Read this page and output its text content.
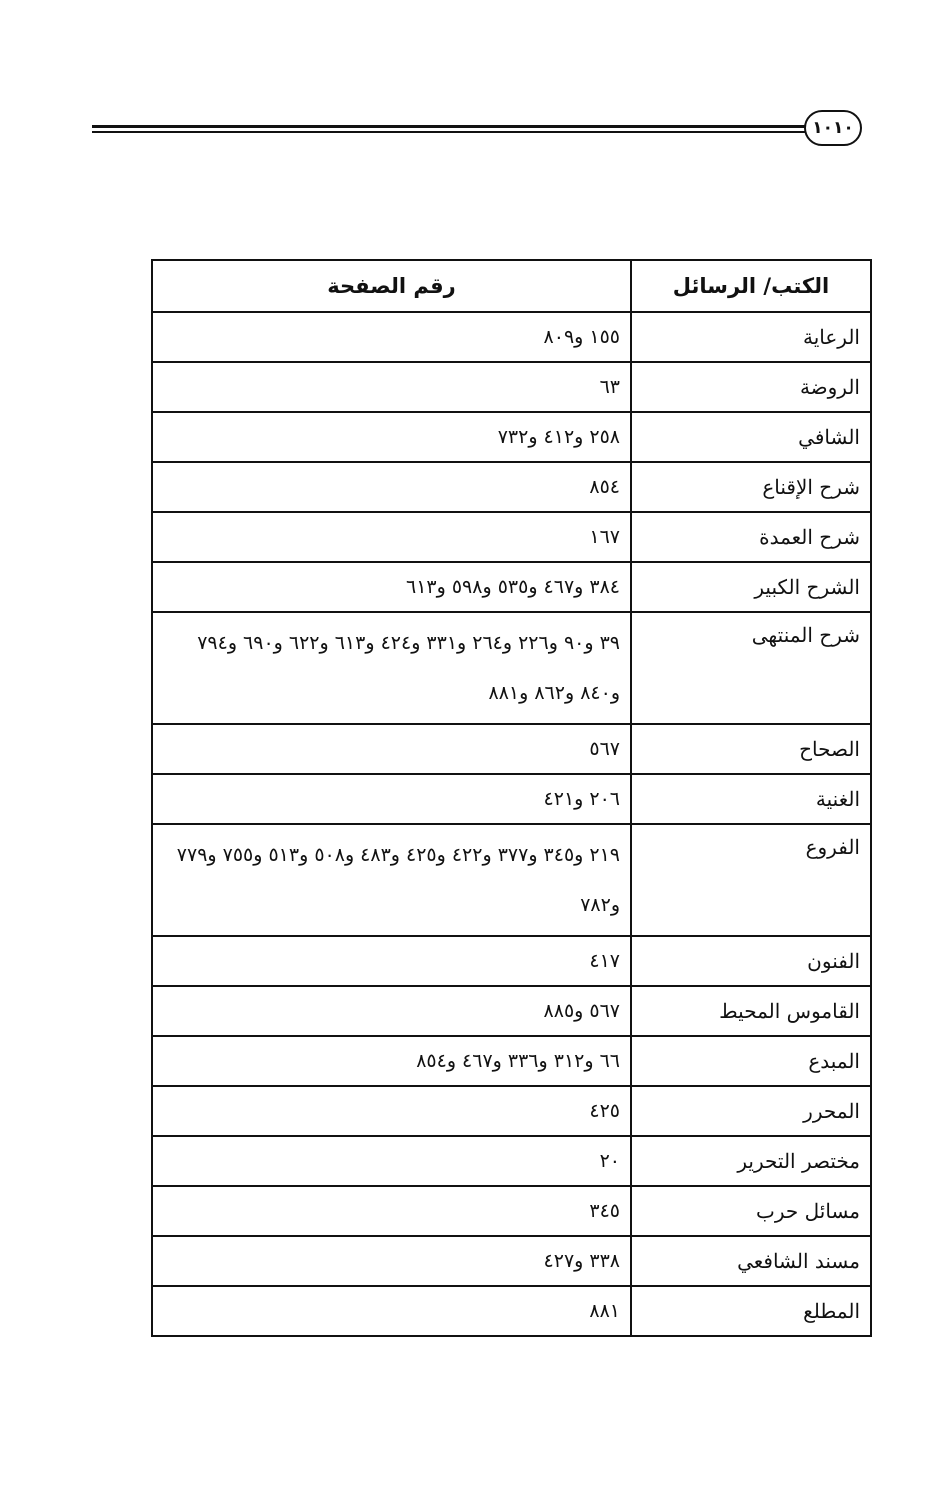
١٠١٠
الكتب/ الرسائل	رقم الصفحة
الرعاية	١٥٥ و٨٠٩
الروضة	٦٣
الشافي	٢٥٨ و٤١٢ و٧٣٢
شرح الإقناع	٨٥٤
شرح العمدة	١٦٧
الشرح الكبير	٣٨٤ و٤٦٧ و٥٣٥ و٥٩٨ و٦١٣
شرح المنتهى	٣٩ و٩٠ و٢٢٦ و٢٦٤ و٣٣١ و٤٢٤ و٦١٣ و٦٢٢ و٦٩٠ و٧٩٤ و٨٤٠ و٨٦٢ و٨٨١
الصحاح	٥٦٧
الغنية	٢٠٦ و٤٢١
الفروع	٢١٩ و٣٤٥ و٣٧٧ و٤٢٢ و٤٢٥ و٤٨٣ و٥٠٨ و٥١٣ و٧٥٥ و٧٧٩ و٧٨٢
الفنون	٤١٧
القاموس المحيط	٥٦٧ و٨٨٥
المبدع	٦٦ و٣١٢ و٣٣٦ و٤٦٧ و٨٥٤
المحرر	٤٢٥
مختصر التحرير	٢٠
مسائل حرب	٣٤٥
مسند الشافعي	٣٣٨ و٤٢٧
المطلع	٨٨١
